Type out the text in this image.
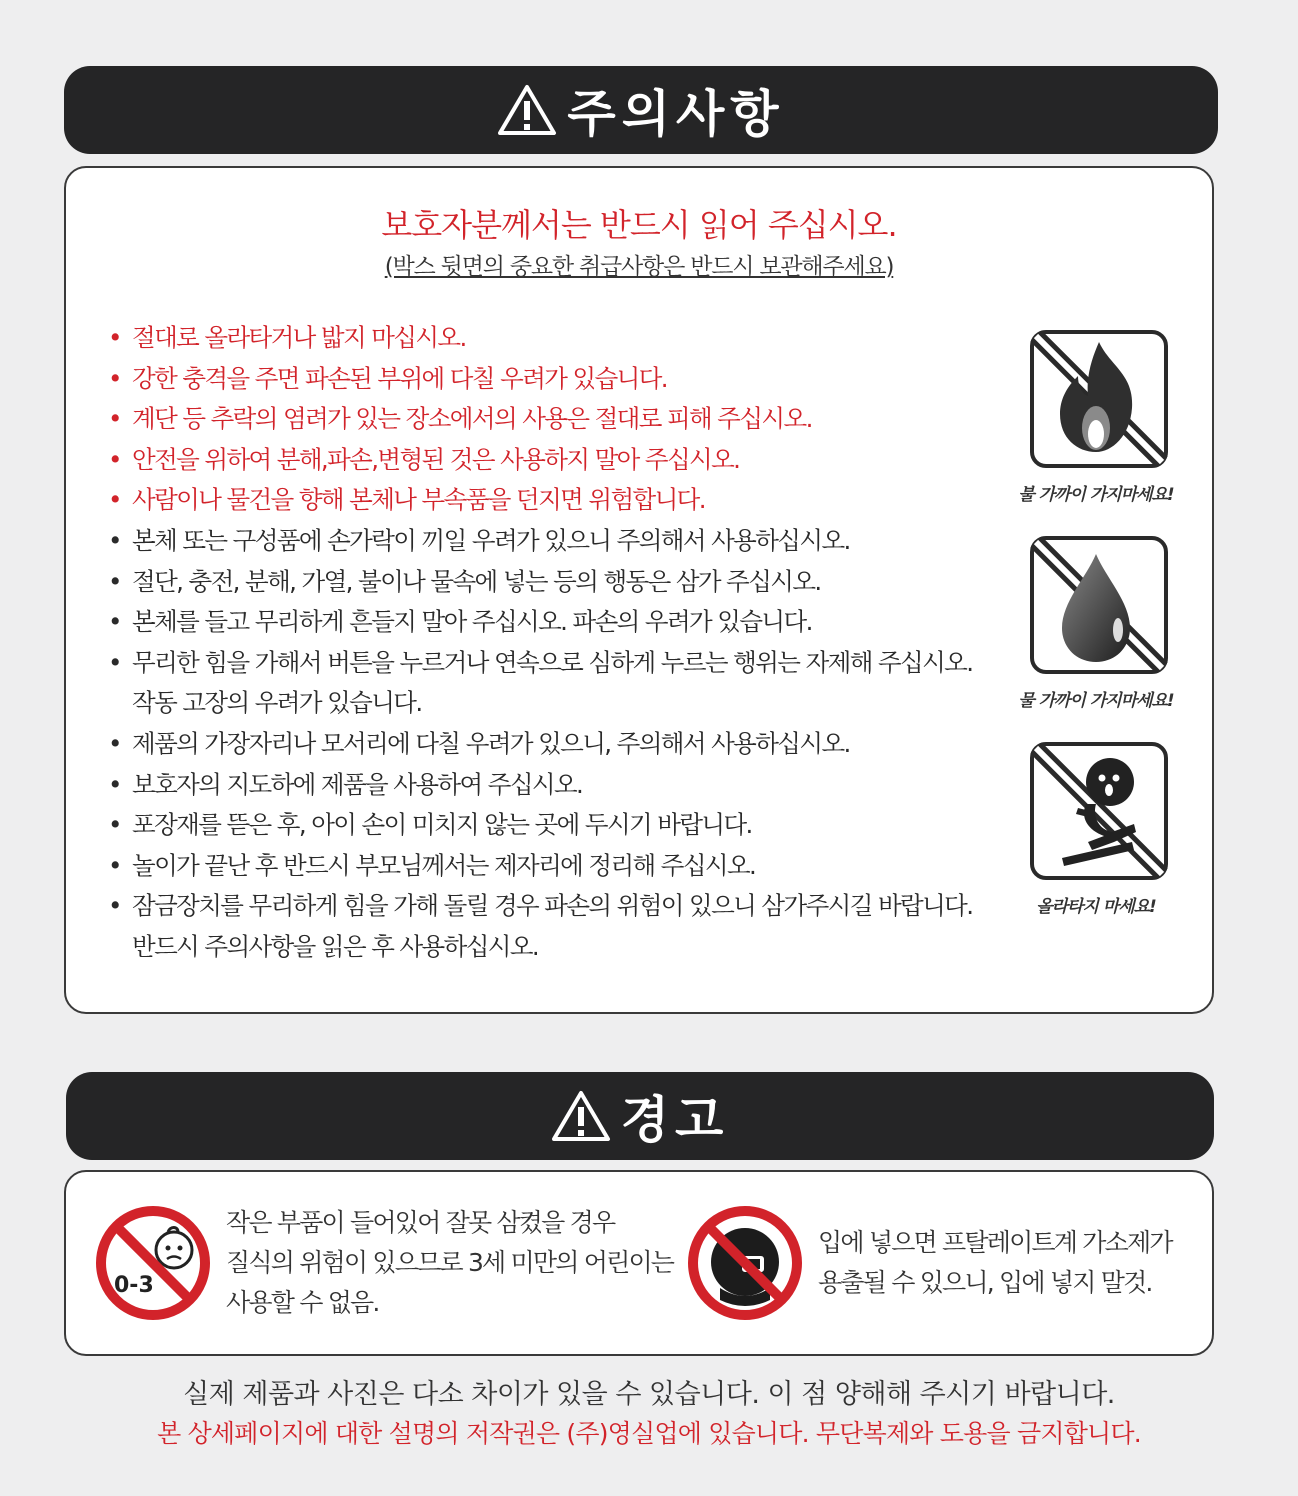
주의사항
보호자분께서는 반드시 읽어 주십시오.
(박스 뒷면의 중요한 취급사항은 반드시 보관해주세요)
• 절대로 올라타거나 밟지 마십시오.
• 강한 충격을 주면 파손된 부위에 다칠 우려가 있습니다.
• 계단 등 추락의 염려가 있는 장소에서의 사용은 절대로 피해 주십시오.
• 안전을 위하여 분해,파손,변형된 것은 사용하지 말아 주십시오.
• 사람이나 물건을 향해 본체나 부속품을 던지면 위험합니다.
• 본체 또는 구성품에 손가락이 끼일 우려가 있으니 주의해서 사용하십시오.
• 절단, 충전, 분해, 가열, 불이나 물속에 넣는 등의 행동은 삼가 주십시오.
• 본체를 들고 무리하게 흔들지 말아 주십시오. 파손의 우려가 있습니다.
• 무리한 힘을 가해서 버튼을 누르거나 연속으로 심하게 누르는 행위는 자제해 주십시오.
작동 고장의 우려가 있습니다.
• 제품의 가장자리나 모서리에 다칠 우려가 있으니, 주의해서 사용하십시오.
• 보호자의 지도하에 제품을 사용하여 주십시오.
• 포장재를 뜯은 후, 아이 손이 미치지 않는 곳에 두시기 바랍니다.
• 놀이가 끝난 후 반드시 부모님께서는 제자리에 정리해 주십시오.
• 잠금장치를 무리하게 힘을 가해 돌릴 경우 파손의 위험이 있으니 삼가주시길 바랍니다.
반드시 주의사항을 읽은 후 사용하십시오.
불 가까이 가지마세요!
물 가까이 가지마세요!
올라타지 마세요!
경고
0-3
작은 부품이 들어있어 잘못 삼켰을 경우
질식의 위험이 있으므로 3세 미만의 어린이는
사용할 수 없음.
입에 넣으면 프탈레이트계 가소제가
용출될 수 있으니, 입에 넣지 말것.
실제 제품과 사진은 다소 차이가 있을 수 있습니다. 이 점 양해해 주시기 바랍니다.
본 상세페이지에 대한 설명의 저작권은 (주)영실업에 있습니다. 무단복제와 도용을 금지합니다.
